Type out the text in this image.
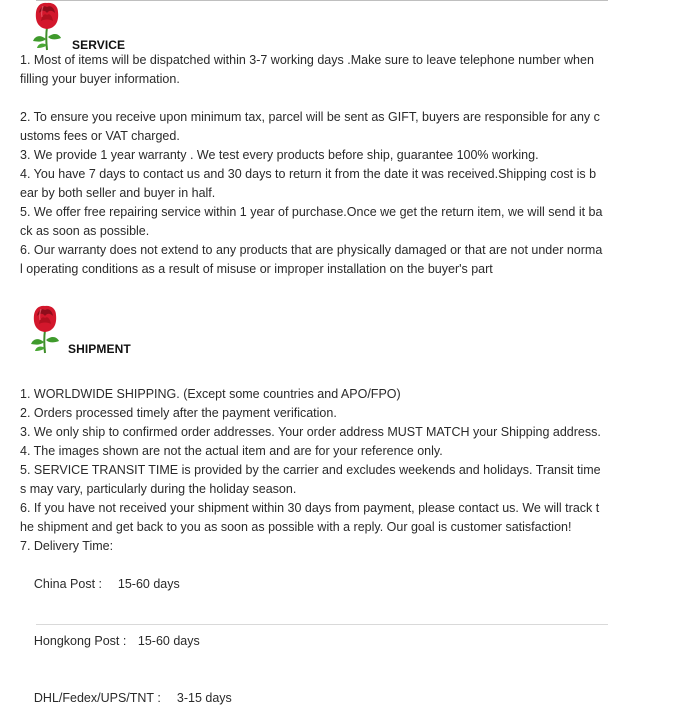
SERVICE

1. Most of items will be dispatched within 3-7 working days .Make sure to leave telephone number when

filling your buyer information.

2. To ensure you receive upon minimum tax, parcel will be sent as GIFT, buyers are responsible for any c

ustoms fees or VAT charged.

3. We provide 1 year warranty . We test every products before ship, guarantee 100% working.

4. You have 7 days to contact us and 30 days to return it from the date it was received.Shipping cost is b

ear by both seller and buyer in half.

5. We offer free repairing service within 1 year of purchase.Once we get the return item, we will send it ba

ck as soon as possible.

6. Our warranty does not extend to any products that are physically damaged or that are not under norma

l operating conditions as a result of misuse or improper installation on the buyer's part

SHIPMENT

1. WORLDWIDE SHIPPING. (Except some countries and APO/FPO)

2. Orders processed timely after the payment verification.

3. We only ship to confirmed order addresses. Your order address MUST MATCH your Shipping address.

4. The images shown are not the actual item and are for your reference only.

5. SERVICE TRANSIT TIME is provided by the carrier and excludes weekends and holidays. Transit time

s may vary, particularly during the holiday season.

6. If you have not received your shipment within 30 days from payment, please contact us. We will track t

he shipment and get back to you as soon as possible with a reply. Our goal is customer satisfaction!

7. Delivery Time:

China Post : 15-60 days

Hongkong Post : 15-60 days

DHL/Fedex/UPS/TNT : 3-15 days
